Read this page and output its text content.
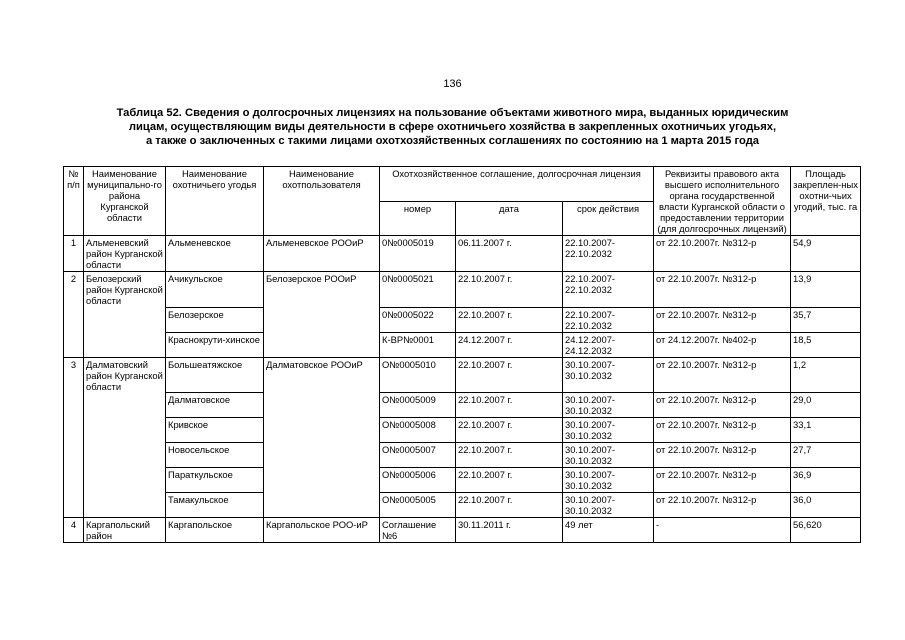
136
Таблица 52. Сведения о долгосрочных лицензиях на пользование объектами животного мира, выданных юридическим
лицам, осуществляющим виды деятельности в сфере охотничьего хозяйства в закрепленных охотничьих угодьях,
а также о заключенных с такими лицами охотхозяйственных соглашениях по состоянию на 1 марта 2015 года
№ п/п	Наименование муниципально-го района Курганской области	Наименование охотничьего угодья	Наименование охотпользователя	Охотхозяйственное соглашение, долгосрочная лицензия			Реквизиты правового акта высшего исполнительного органа государственной власти Курганской области о предоставлении территории (для долгосрочных лицензий)	Площадь закреплен-ных охотни-чьих угодий, тыс. га
				номер	дата	срок действия		
1	Альменевский район Курганской области	Альменевское	Альменевское РООиР	0№0005019	06.11.2007 г.	22.10.2007-22.10.2032	от 22.10.2007г. №312-р	54,9
2	Белозерский район Курганской области	Ачикульское	Белозерское РООиР	0№0005021	22.10.2007 г.	22.10.2007-22.10.2032	от 22.10.2007г. №312-р	13,9
		Белозерское		0№0005022	22.10.2007 г.	22.10.2007-22.10.2032	от 22.10.2007г. №312-р	35,7
		Краснокрути-хинское		К-ВР№0001	24.12.2007 г.	24.12.2007-24.12.2032	от 24.12.2007г. №402-р	18,5
3	Далматовский район Курганской области	Большеатяжское	Далматовское РООиР	О№0005010	22.10.2007 г.	30.10.2007-30.10.2032	от 22.10.2007г. №312-р	1,2
		Далматовское		О№0005009	22.10.2007 г.	30.10.2007-30.10.2032	от 22.10.2007г. №312-р	29,0
		Кривское		О№0005008	22.10.2007 г.	30.10.2007-30.10.2032	от 22.10.2007г. №312-р	33,1
		Новосельское		О№0005007	22.10.2007 г.	30.10.2007-30.10.2032	от 22.10.2007г. №312-р	27,7
		Параткульское		О№0005006	22.10.2007 г.	30.10.2007-30.10.2032	от 22.10.2007г. №312-р	36,9
		Тамакульское		О№0005005	22.10.2007 г.	30.10.2007-30.10.2032	от 22.10.2007г. №312-р	36,0
4	Каргапольский район	Каргапольское	Каргапольское РОО-иР	Соглашение №6	30.11.2011 г.	49 лет	-	56,620
